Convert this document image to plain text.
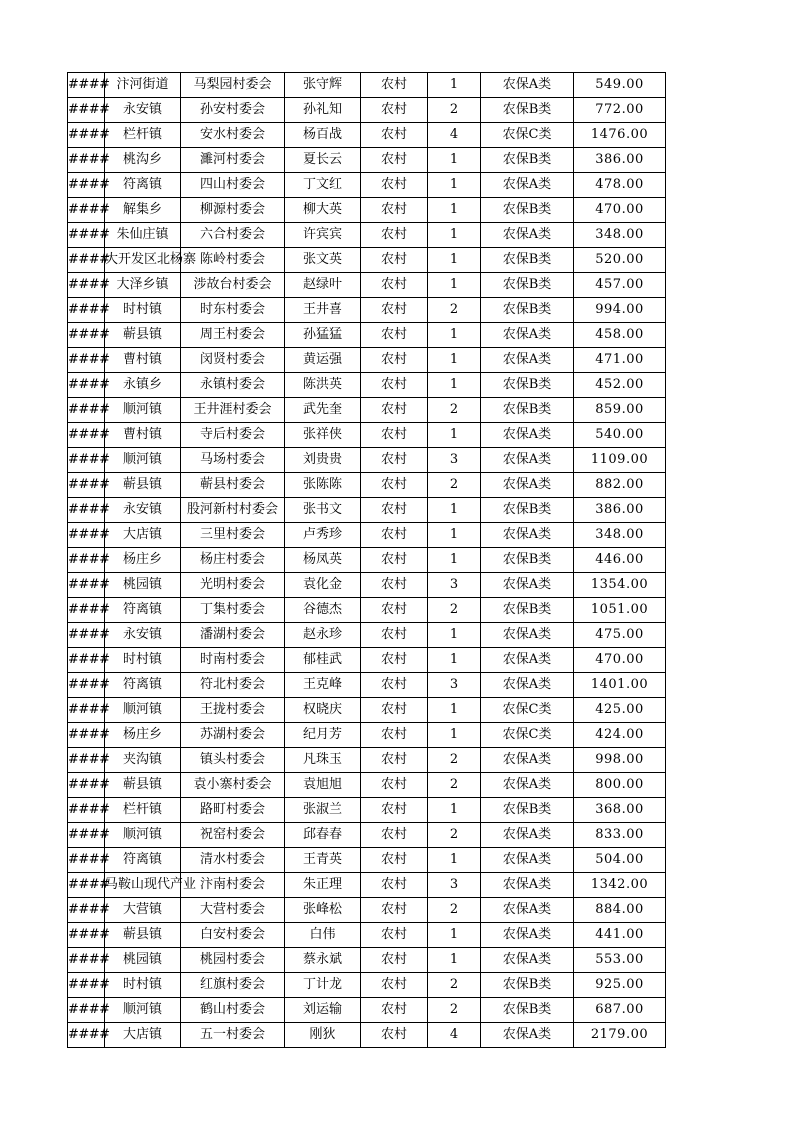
####	汴河街道	马梨园村委会	张守辉	农村	1	农保A类	549.00
####	永安镇	孙安村委会	孙礼知	农村	2	农保B类	772.00
####	栏杆镇	安水村委会	杨百战	农村	4	农保C类	1476.00
####	桃沟乡	濉河村委会	夏长云	农村	1	农保B类	386.00
####	符离镇	四山村委会	丁文红	农村	1	农保A类	478.00
####	解集乡	柳源村委会	柳大英	农村	1	农保B类	470.00
####	朱仙庄镇	六合村委会	许宾宾	农村	1	农保A类	348.00
####	大开发区北杨寨	陈岭村委会	张文英	农村	1	农保B类	520.00
####	大泽乡镇	涉故台村委会	赵绿叶	农村	1	农保B类	457.00
####	时村镇	时东村委会	王井喜	农村	2	农保B类	994.00
####	蕲县镇	周王村委会	孙猛猛	农村	1	农保A类	458.00
####	曹村镇	闵贤村委会	黄运强	农村	1	农保A类	471.00
####	永镇乡	永镇村委会	陈洪英	农村	1	农保B类	452.00
####	顺河镇	王井涯村委会	武先奎	农村	2	农保B类	859.00
####	曹村镇	寺后村委会	张祥侠	农村	1	农保A类	540.00
####	顺河镇	马场村委会	刘贵贵	农村	3	农保A类	1109.00
####	蕲县镇	蕲县村委会	张陈陈	农村	2	农保A类	882.00
####	永安镇	股河新村村委会	张书文	农村	1	农保B类	386.00
####	大店镇	三里村委会	卢秀珍	农村	1	农保A类	348.00
####	杨庄乡	杨庄村委会	杨凤英	农村	1	农保B类	446.00
####	桃园镇	光明村委会	袁化金	农村	3	农保A类	1354.00
####	符离镇	丁集村委会	谷德杰	农村	2	农保B类	1051.00
####	永安镇	潘湖村委会	赵永珍	农村	1	农保A类	475.00
####	时村镇	时南村委会	郁桂武	农村	1	农保A类	470.00
####	符离镇	符北村委会	王克峰	农村	3	农保A类	1401.00
####	顺河镇	王拢村委会	权晓庆	农村	1	农保C类	425.00
####	杨庄乡	苏湖村委会	纪月芳	农村	1	农保C类	424.00
####	夹沟镇	镇头村委会	凡珠玉	农村	2	农保A类	998.00
####	蕲县镇	袁小寨村委会	袁旭旭	农村	2	农保A类	800.00
####	栏杆镇	路町村委会	张淑兰	农村	1	农保B类	368.00
####	顺河镇	祝窑村委会	邱春春	农村	2	农保A类	833.00
####	符离镇	清水村委会	王青英	农村	1	农保A类	504.00
####	马鞍山现代产业	汴南村委会	朱正理	农村	3	农保A类	1342.00
####	大营镇	大营村委会	张峰松	农村	2	农保A类	884.00
####	蕲县镇	白安村委会	白伟	农村	1	农保A类	441.00
####	桃园镇	桃园村委会	蔡永斌	农村	1	农保A类	553.00
####	时村镇	红旗村委会	丁计龙	农村	2	农保B类	925.00
####	顺河镇	鹤山村委会	刘运输	农村	2	农保B类	687.00
####	大店镇	五一村委会	刚狄	农村	4	农保A类	2179.00
